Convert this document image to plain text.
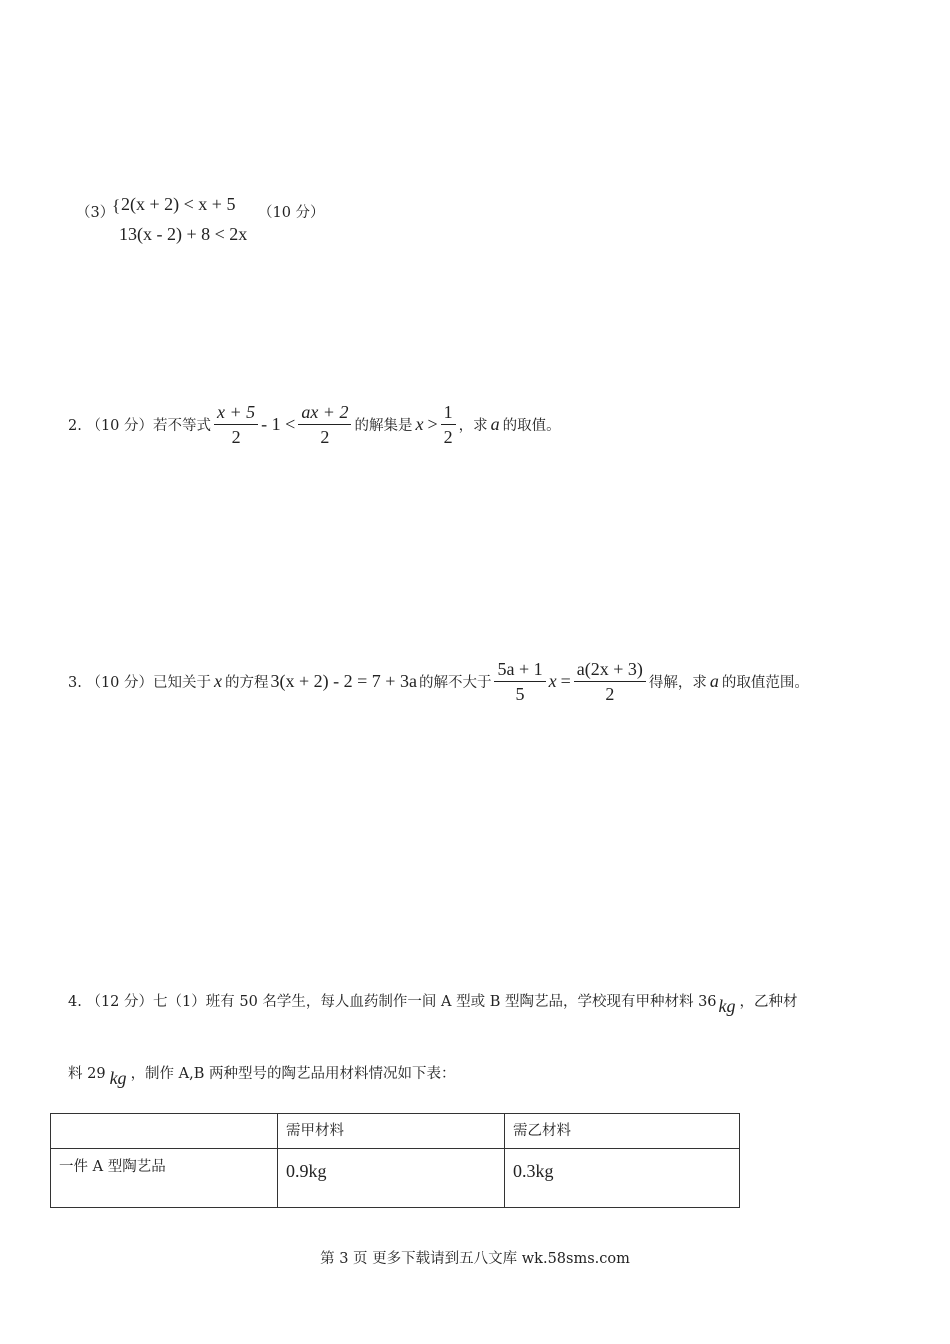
（3）
{ 2(x + 2) < x + 5
13(x - 2) + 8 < 2x
（10 分）
2. （10 分）若不等式 $\frac{x + 5}{2} - 1 < \frac{ax + 2}{2}$ 的解集是 $x > \frac{1}{2}$ ，求 a 的取值。
3. （10 分）已知关于 x 的方程 3(x + 2) - 2 = 7 + 3a 的解不大于 $\frac{5a + 1}{5}$ $x = \frac{a(2x + 3)}{2}$ 得解，求 a 的取值范围。
4. （12 分）七（1）班有 50 名学生，每人血药制作一间 A 型或 B 型陶艺品，学校现有甲种材料 36 kg ，乙种材
料 29 kg ，制作 A,B 两种型号的陶艺品用材料情况如下表：
	需甲材料	需乙材料
一件 A 型陶艺品	0.9kg	0.3kg
第 3 页 更多下载请到五八文库 wk.58sms.com
